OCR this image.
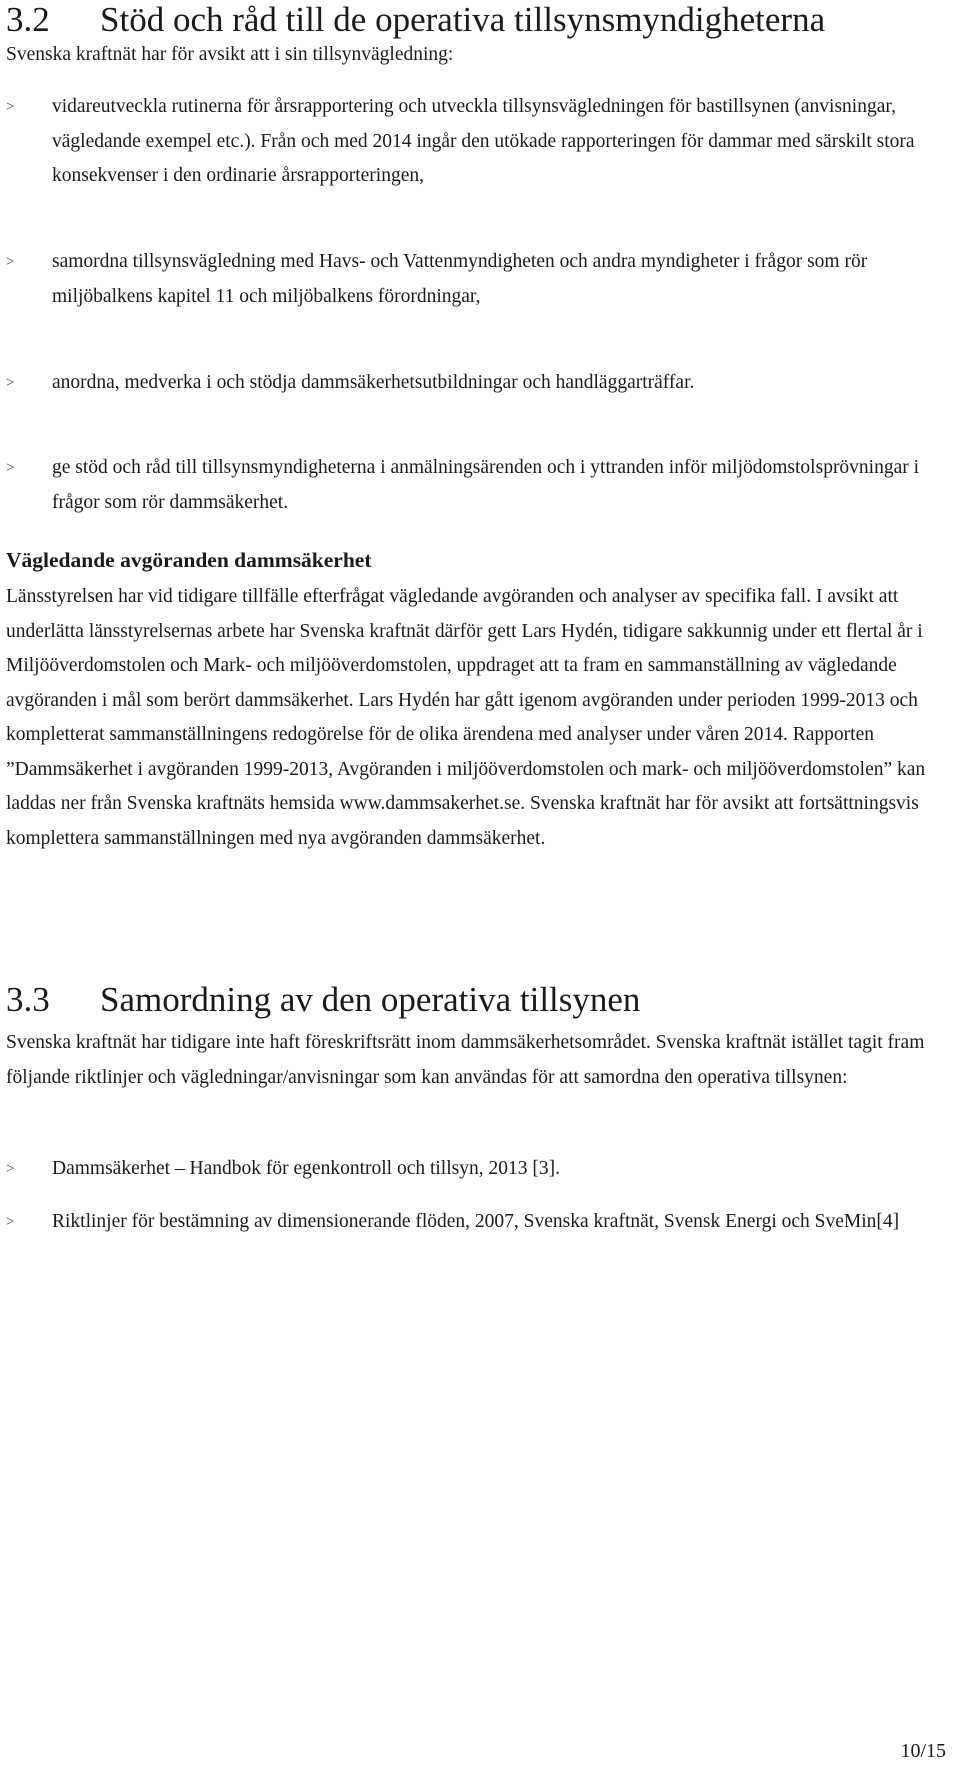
3.2 Stöd och råd till de operativa tillsynsmyndigheterna

Svenska kraftnät har för avsikt att i sin tillsynvägledning:

> vidareutveckla rutinerna för årsrapportering och utveckla tillsynsvägledningen för bastillsynen (anvisningar, vägledande exempel etc.). Från och med 2014 ingår den utökade rapporteringen för dammar med särskilt stora konsekvenser i den ordinarie årsrapporteringen,
> samordna tillsynsvägledning med Havs- och Vattenmyndigheten och andra myndigheter i frågor som rör miljöbalkens kapitel 11 och miljöbalkens förordningar,
> anordna, medverka i och stödja dammsäkerhetsutbildningar och handläggarträffar.
> ge stöd och råd till tillsynsmyndigheterna i anmälningsärenden och i yttranden inför miljödomstolsprövningar i frågor som rör dammsäkerhet.
Vägledande avgöranden dammsäkerhet

Länsstyrelsen har vid tidigare tillfälle efterfrågat vägledande avgöranden och analyser av specifika fall. I avsikt att underlätta länsstyrelsernas arbete har Svenska kraftnät därför gett Lars Hydén, tidigare sakkunnig under ett flertal år i Miljööverdomstolen och Mark- och miljööverdomstolen, uppdraget att ta fram en sammanställning av vägledande avgöranden i mål som berört dammsäkerhet. Lars Hydén har gått igenom avgöranden under perioden 1999-2013 och kompletterat sammanställningens redogörelse för de olika ärendena med analyser under våren 2014. Rapporten ”Dammsäkerhet i avgöranden 1999-2013, Avgöranden i miljööverdomstolen och mark- och miljööverdomstolen” kan laddas ner från Svenska kraftnäts hemsida www.dammsakerhet.se. Svenska kraftnät har för avsikt att fortsättningsvis komplettera sammanställningen med nya avgöranden dammsäkerhet.

3.3 Samordning av den operativa tillsynen

Svenska kraftnät har tidigare inte haft föreskriftsrätt inom dammsäkerhetsområdet. Svenska kraftnät istället tagit fram följande riktlinjer och vägledningar/anvisningar som kan användas för att samordna den operativa tillsynen:

> Dammsäkerhet – Handbok för egenkontroll och tillsyn, 2013 [3].
> Riktlinjer för bestämning av dimensionerande flöden, 2007, Svenska kraftnät, Svensk Energi och SveMin[4]
10/15
